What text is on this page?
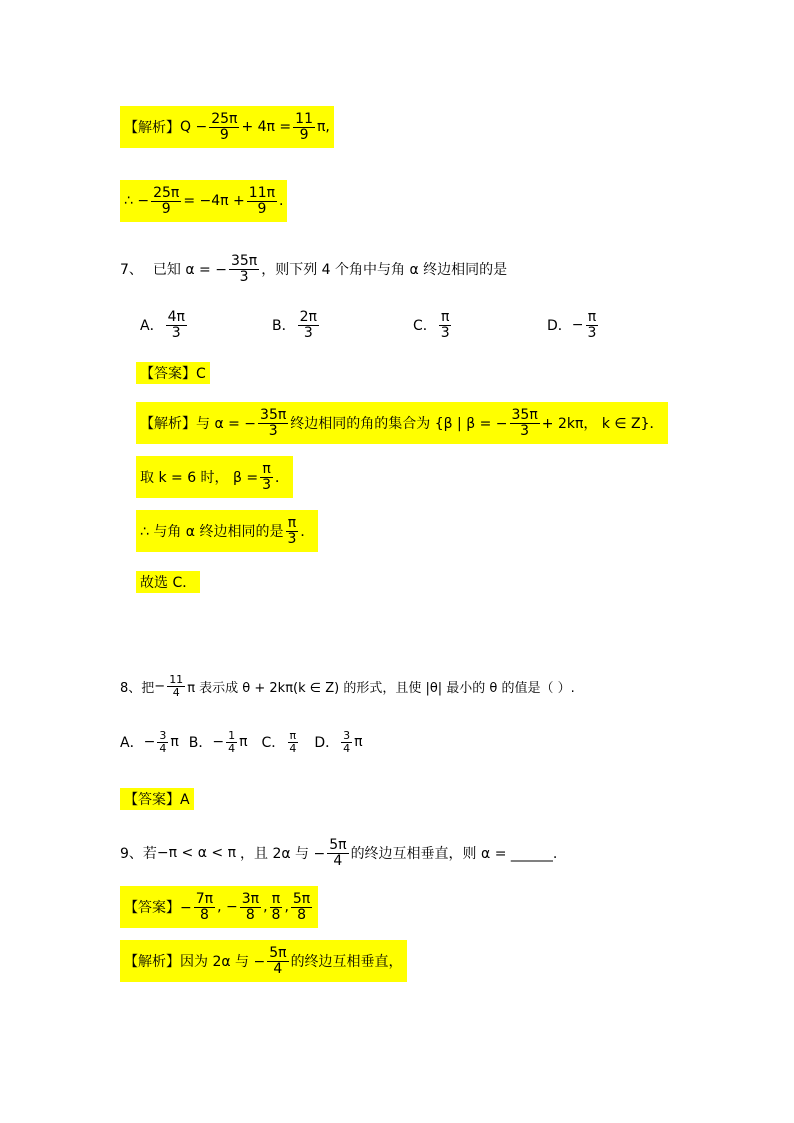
【解析】 $Q - \frac{25\pi}{9} + 4\pi = \frac{11}{9} \pi$,
∴ − $\frac{25\pi}{9} = -4\pi + \frac{11\pi}{9}$ .
7、 已知 α = − $\frac{35\pi}{3}$ ，则下列 4 个角中与角 α 终边相同的是
A． $\frac{4\pi}{3}$	B． $\frac{2\pi}{3}$	C． $\frac{\pi}{3}$	D． − $\frac{\pi}{3}$
【答案】C
【解析】与 α = − $\frac{35\pi}{3}$ 终边相同的角的集合为 {β | β = − $\frac{35\pi}{3} + 2k\pi$， k ∈ Z}．
取 k = 6 时， $\beta = \frac{\pi}{3}$ ．
∴ 与角 α 终边相同的是 $\frac{\pi}{3}$ ．
故选 C．
8、把 − $\frac{11}{4}$ π 表示成 θ + 2kπ(k ∈ Z) 的形式，且使 |θ| 最小的 θ 的值是（ ）.
A． − $\frac{3}{4}$ π B． − $\frac{1}{4}$ π C． $\frac{\pi}{4}$ D． $\frac{3}{4}$ π
【答案】A
9、若 −π < α < π ，且 2α 与 − $\frac{5\pi}{4}$ 的终边互相垂直，则 α = ______.
【答案】− $\frac{7\pi}{8}$ , − $\frac{3\pi}{8}$ , $\frac{\pi}{8}$ , $\frac{5\pi}{8}$
【解析】因为 2α 与 − $\frac{5\pi}{4}$ 的终边互相垂直，
